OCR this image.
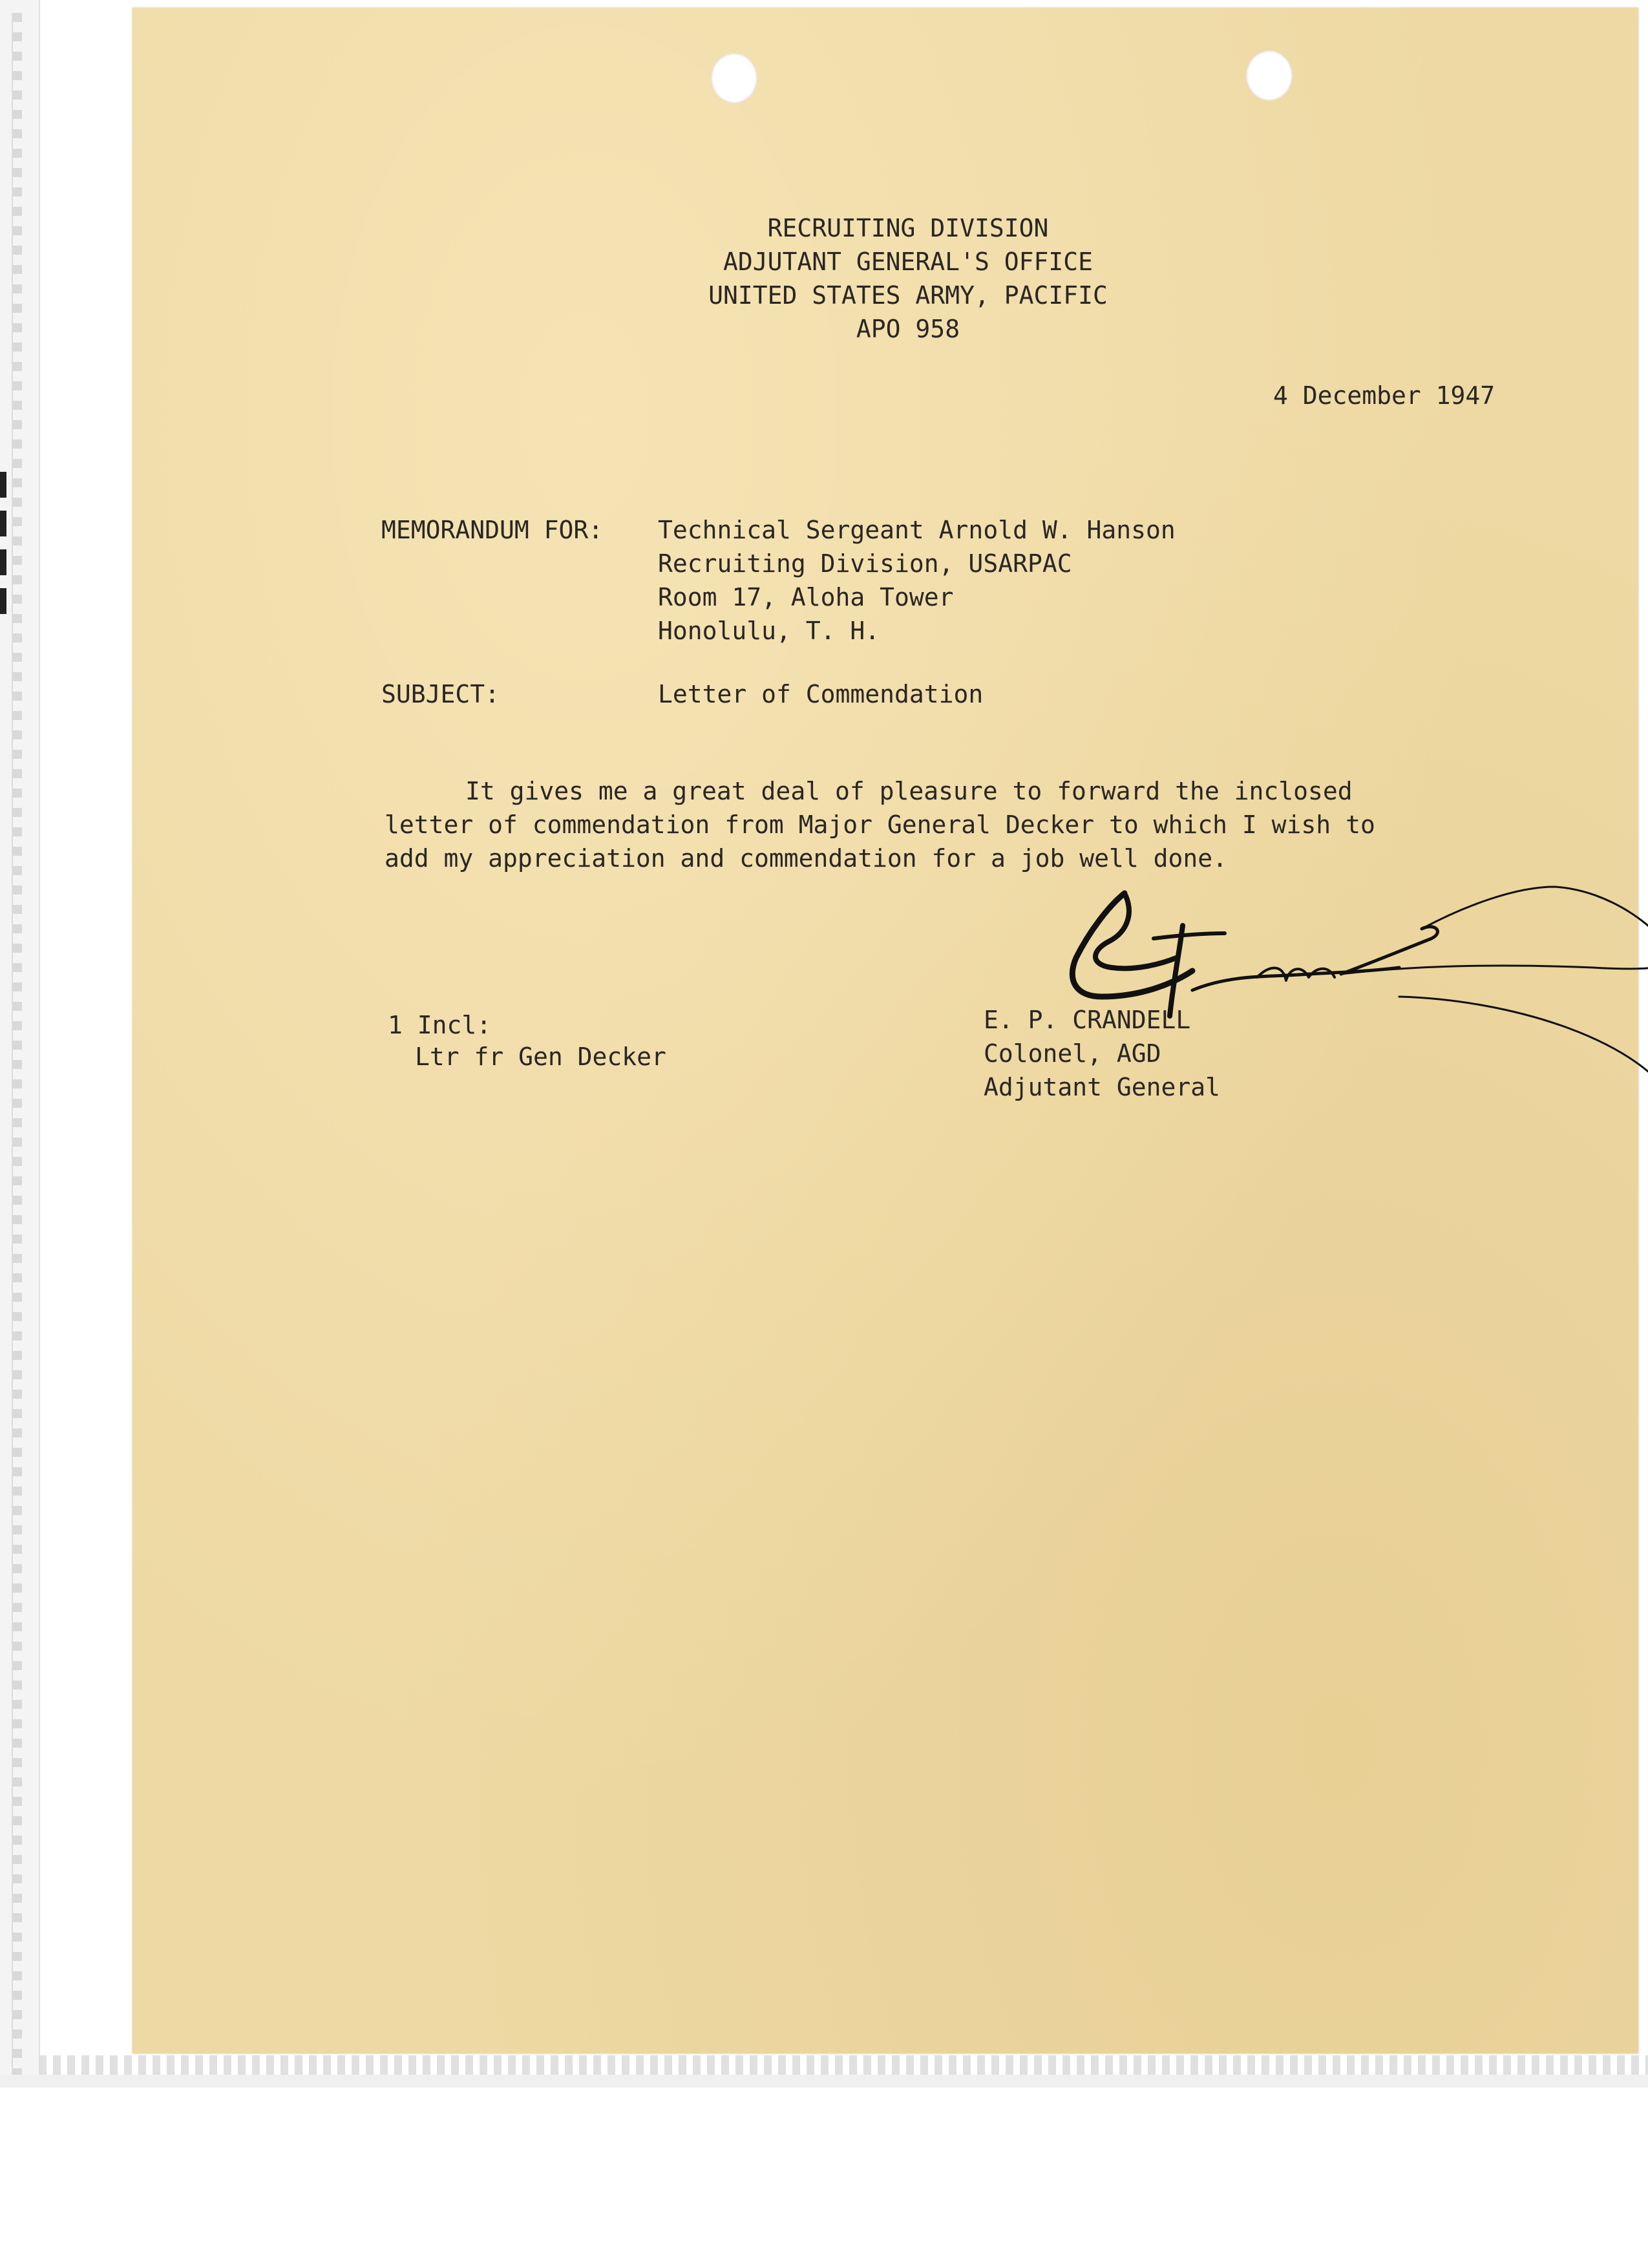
RECRUITING DIVISION

ADJUTANT GENERAL'S OFFICE

UNITED STATES ARMY, PACIFIC

APO 958

4 December 1947

MEMORANDUM FOR: Technical Sergeant Arnold W. Hanson

Recruiting Division, USARPAC

Room 17, Aloha Tower

Honolulu, T. H.

SUBJECT:	Letter of Commendation

It gives me a great deal of pleasure to forward the inclosed

letter of commendation from Major General Decker to which I wish to

add my appreciation and commendation for a job well done.

1 Incl:

Ltr fr Gen Decker

E. P. CRANDELL

Colonel, AGD

Adjutant General
